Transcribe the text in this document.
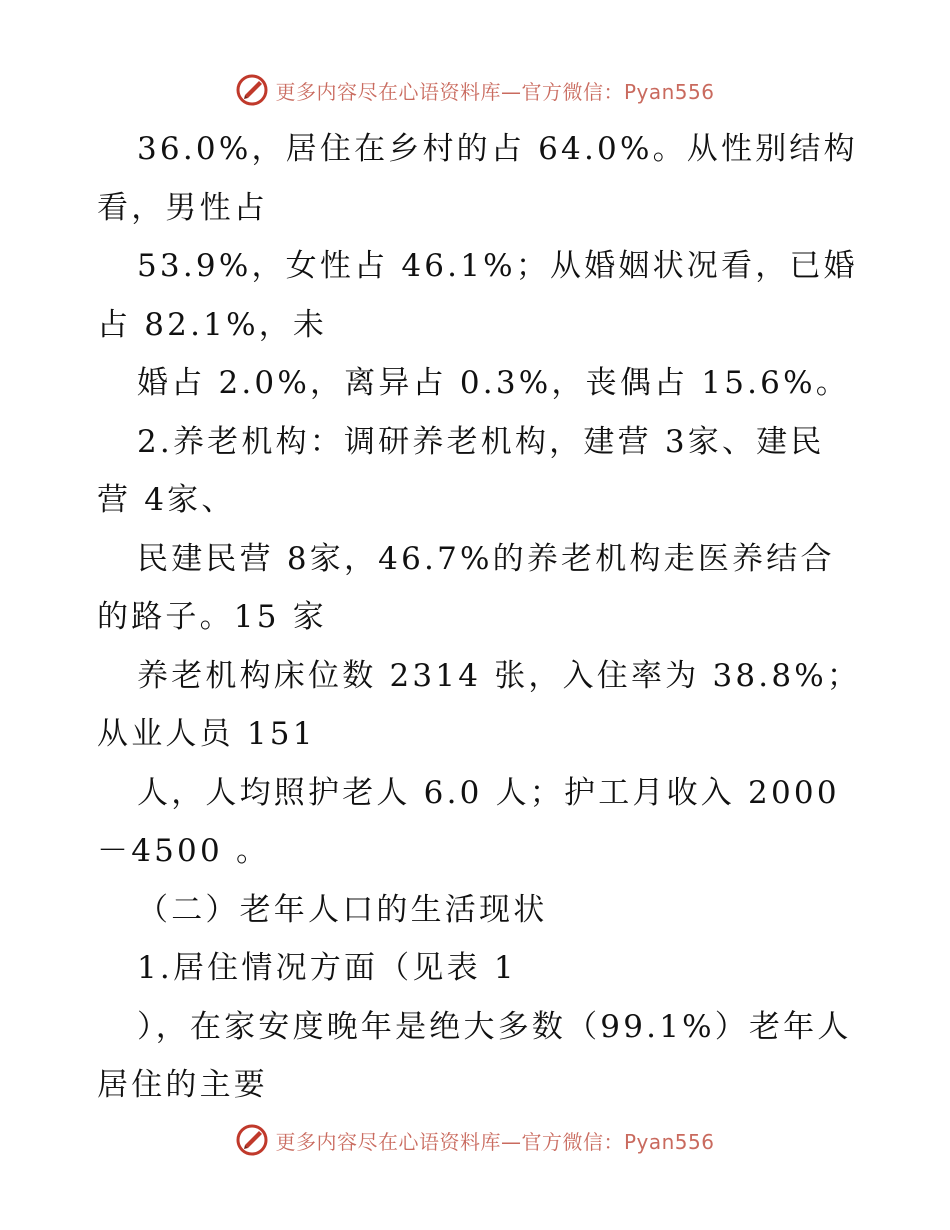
更多内容尽在心语资料库—官方微信：Pyan556
36.0%，居住在乡村的占 64.0%。从性别结构
看，男性占
53.9%，女性占 46.1%；从婚姻状况看，已婚
占 82.1%，未
婚占 2.0%，离异占 0.3%，丧偶占 15.6%。
2.养老机构：调研养老机构，建营 3家、建民
营 4家、
民建民营 8家，46.7%的养老机构走医养结合
的路子。15 家
养老机构床位数 2314 张，入住率为 38.8%；
从业人员 151
人，人均照护老人 6.0 人；护工月收入 2000
－4500 。
（二）老年人口的生活现状
1.居住情况方面（见表 1
），在家安度晚年是绝大多数（99.1%）老年人
居住的主要
更多内容尽在心语资料库—官方微信：Pyan556
